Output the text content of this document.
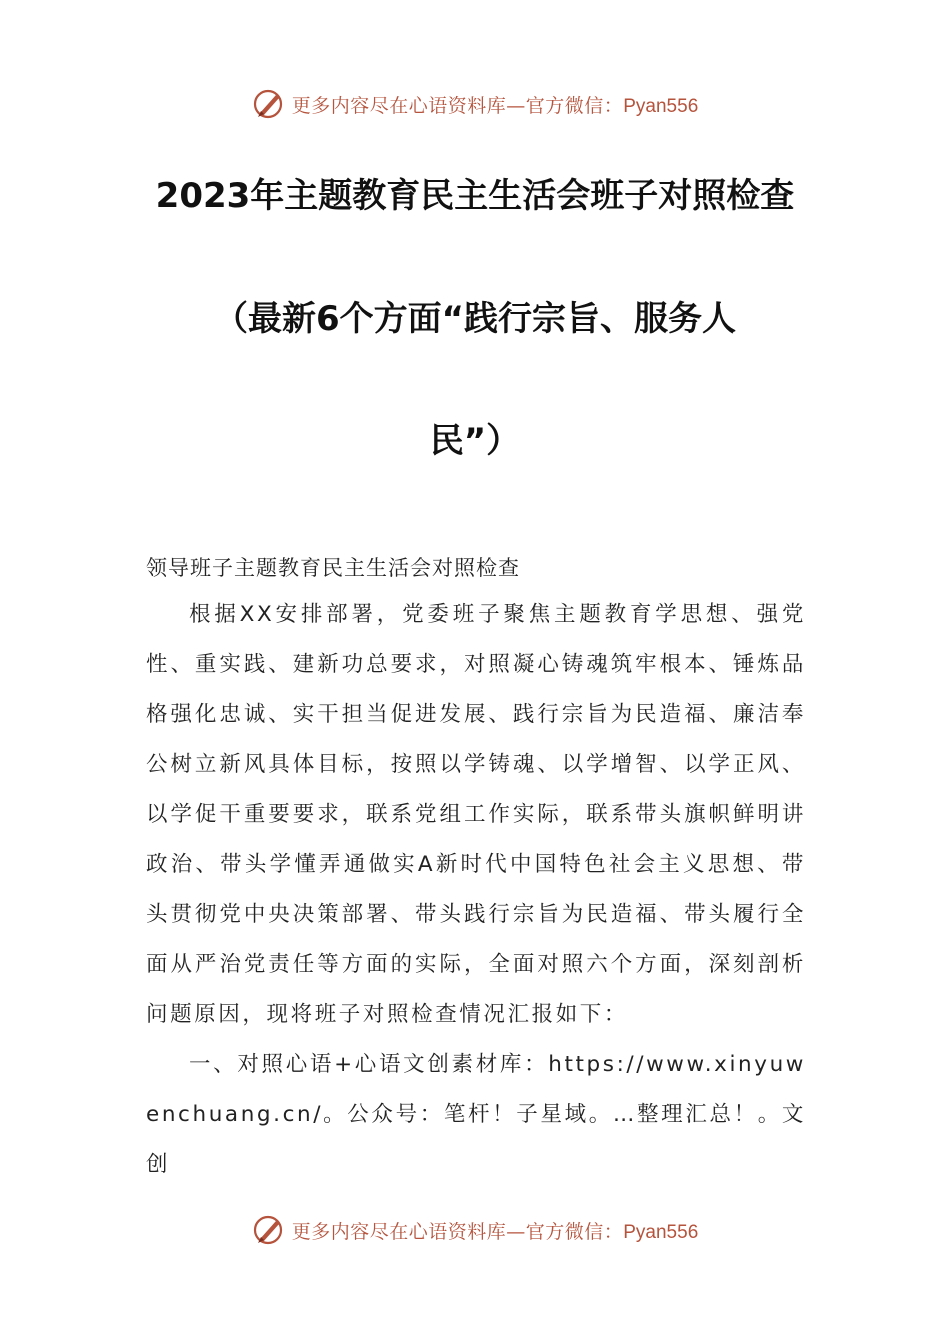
更多内容尽在心语资料库—官方微信：Pyan556
2023年主题教育民主生活会班子对照检查
（最新6个方面“践行宗旨、服务人
民”）
领导班子主题教育民主生活会对照检查

根据XX安排部署，党委班子聚焦主题教育学思想、强党性、重实践、建新功总要求，对照凝心铸魂筑牢根本、锤炼品格强化忠诚、实干担当促进发展、践行宗旨为民造福、廉洁奉公树立新风具体目标，按照以学铸魂、以学增智、以学正风、以学促干重要要求，联系党组工作实际，联系带头旗帜鲜明讲政治、带头学懂弄通做实A新时代中国特色社会主义思想、带头贯彻党中央决策部署、带头践行宗旨为民造福、带头履行全面从严治党责任等方面的实际，全面对照六个方面，深刻剖析问题原因，现将班子对照检查情况汇报如下：

一、对照心语+心语文创素材库：https://www.xinyuwenchuang.cn/。公众号：笔杆！子星域。…整理汇总！。文创

更多内容尽在心语资料库—官方微信：Pyan556
